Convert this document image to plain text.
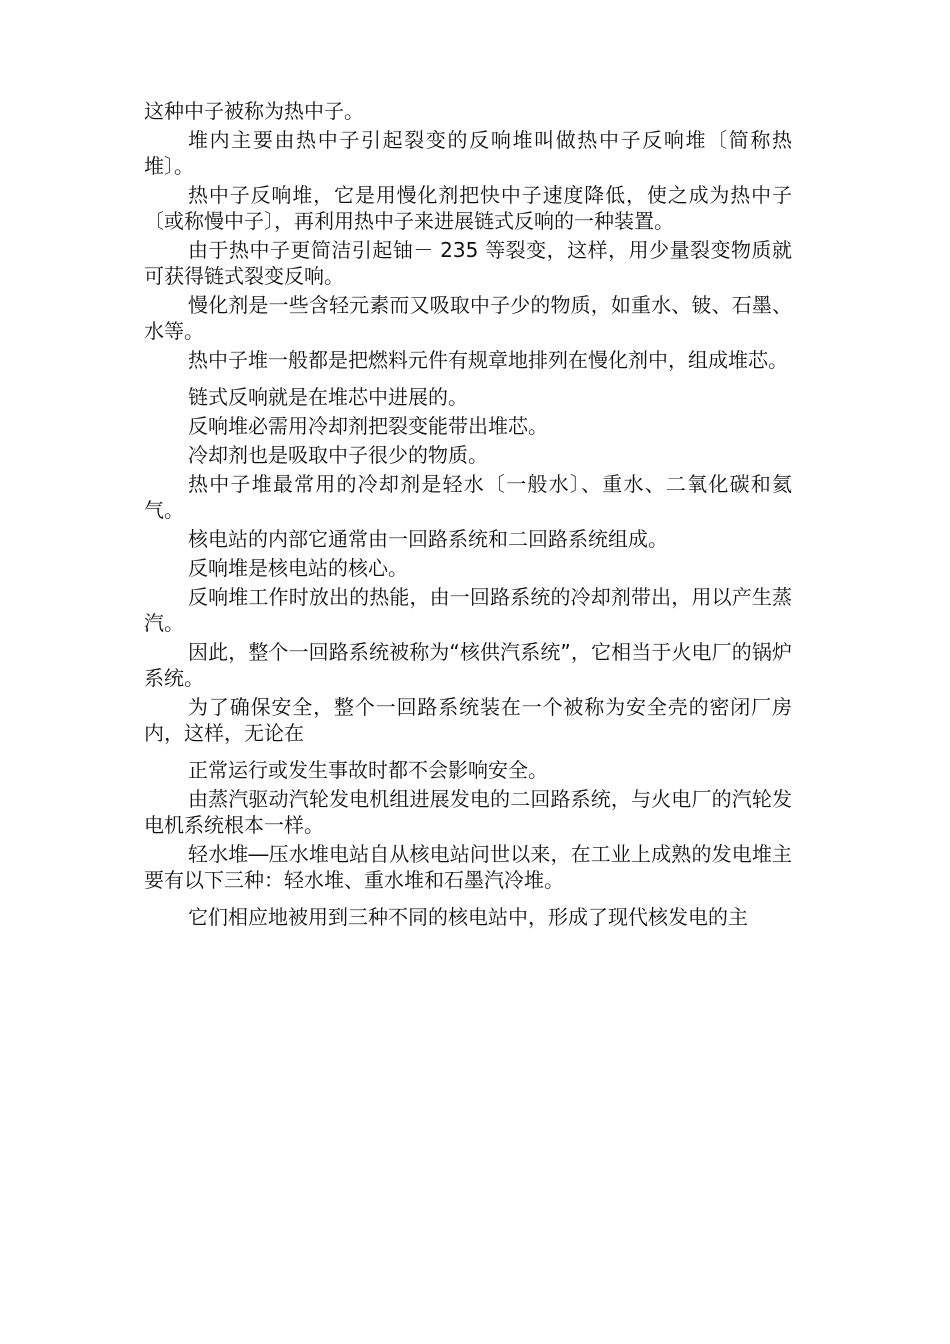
这种中子被称为热中子。

堆内主要由热中子引起裂变的反响堆叫做热中子反响堆〔简称热堆〕。

热中子反响堆，它是用慢化剂把快中子速度降低，使之成为热中子〔或称慢中子〕，再利用热中子来进展链式反响的一种装置。

由于热中子更简洁引起铀－ 235 等裂变，这样，用少量裂变物质就可获得链式裂变反响。

慢化剂是一些含轻元素而又吸取中子少的物质，如重水、铍、石墨、水等。

热中子堆一般都是把燃料元件有规章地排列在慢化剂中，组成堆芯。

链式反响就是在堆芯中进展的。

反响堆必需用冷却剂把裂变能带出堆芯。

冷却剂也是吸取中子很少的物质。

热中子堆最常用的冷却剂是轻水〔一般水〕、重水、二氧化碳和氦气。

核电站的内部它通常由一回路系统和二回路系统组成。

反响堆是核电站的核心。

反响堆工作时放出的热能，由一回路系统的冷却剂带出，用以产生蒸汽。

因此，整个一回路系统被称为“核供汽系统”，它相当于火电厂的锅炉系统。

为了确保安全，整个一回路系统装在一个被称为安全壳的密闭厂房内，这样，无论在

正常运行或发生事故时都不会影响安全。

由蒸汽驱动汽轮发电机组进展发电的二回路系统，与火电厂的汽轮发电机系统根本一样。

轻水堆―压水堆电站自从核电站问世以来，在工业上成熟的发电堆主要有以下三种：轻水堆、重水堆和石墨汽冷堆。

它们相应地被用到三种不同的核电站中，形成了现代核发电的主
